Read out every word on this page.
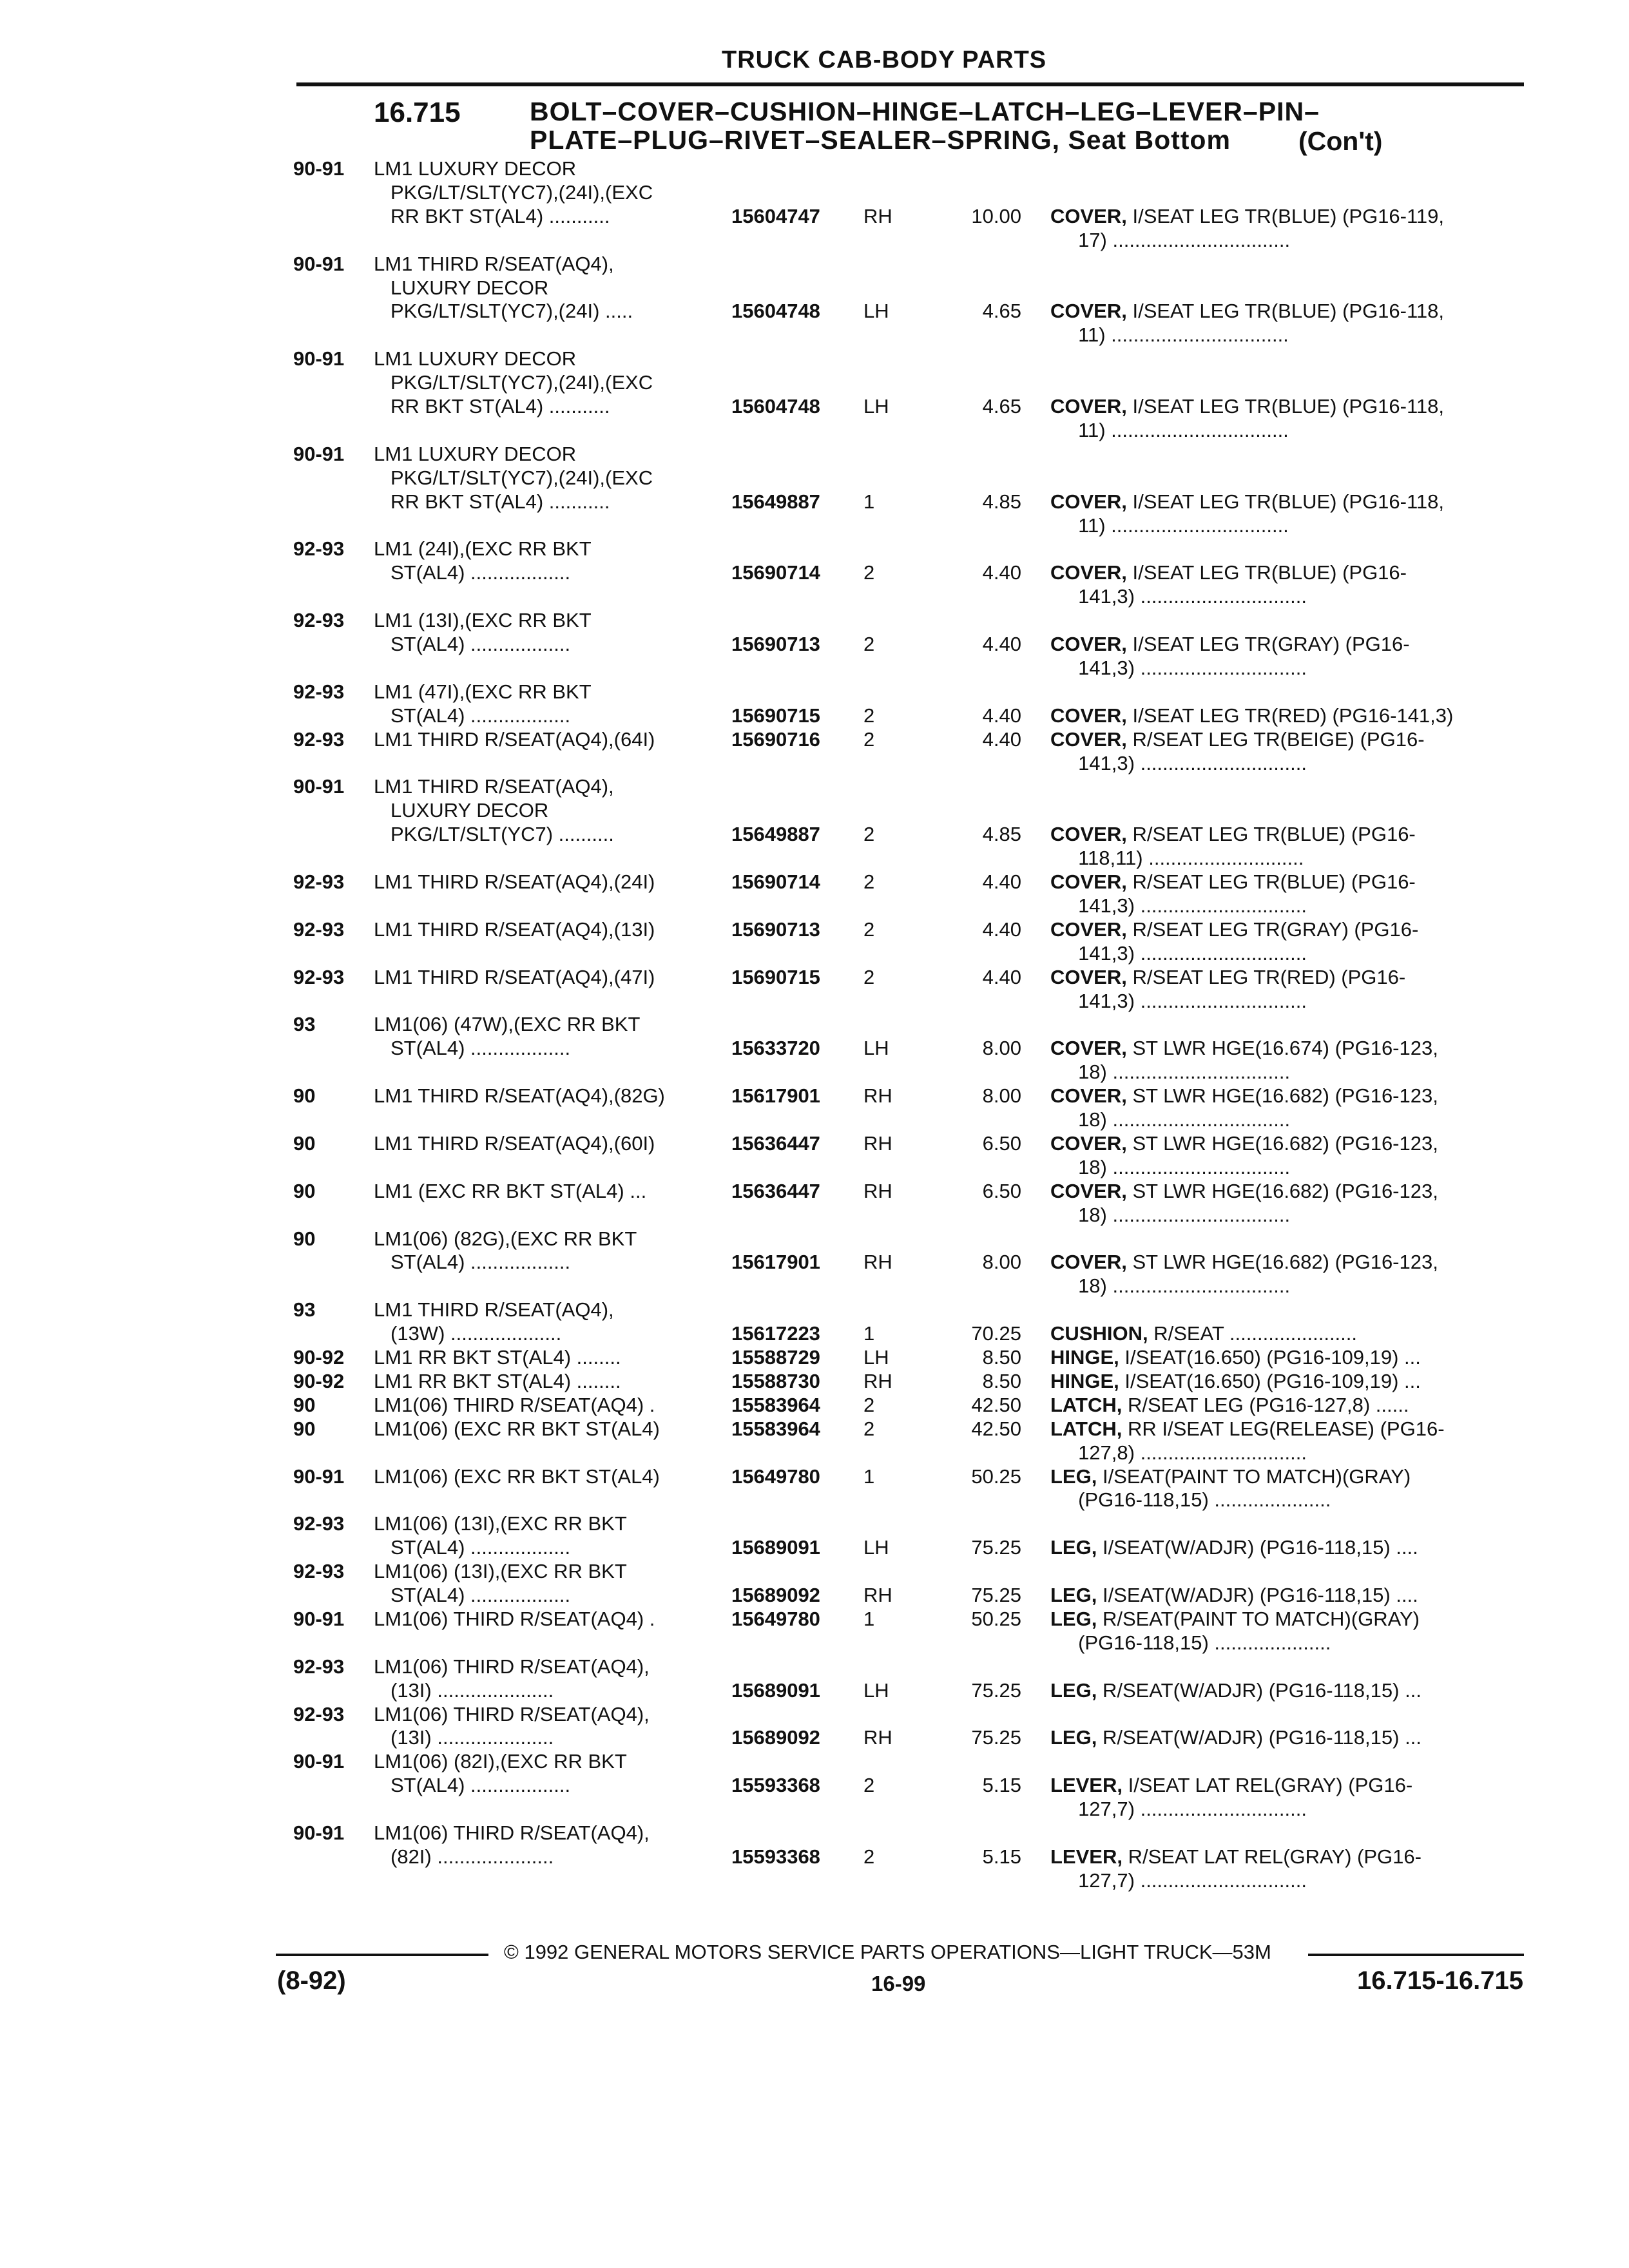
TRUCK CAB-BODY PARTS
16.715	BOLT–COVER–CUSHION–HINGE–LATCH–LEG–LEVER–PIN–
PLATE–PLUG–RIVET–SEALER–SPRING, Seat Bottom	(Con't)
90-91 LM1 LUXURY DECOR
PKG/LT/SLT(YC7),(24I),(EXC
RR BKT ST(AL4) ...........	15604747 RH	10.00 COVER, I/SEAT LEG TR(BLUE) (PG16-119,
17) ................................
90-91 LM1 THIRD R/SEAT(AQ4),
LUXURY DECOR
PKG/LT/SLT(YC7),(24I) .....	15604748 LH	4.65 COVER, I/SEAT LEG TR(BLUE) (PG16-118,
11) ................................
90-91 LM1 LUXURY DECOR
PKG/LT/SLT(YC7),(24I),(EXC
RR BKT ST(AL4) ...........	15604748 LH	4.65 COVER, I/SEAT LEG TR(BLUE) (PG16-118,
11) ................................
90-91 LM1 LUXURY DECOR
PKG/LT/SLT(YC7),(24I),(EXC
RR BKT ST(AL4) ...........	15649887 1	4.85 COVER, I/SEAT LEG TR(BLUE) (PG16-118,
11) ................................
92-93 LM1 (24I),(EXC RR BKT
ST(AL4) ..................	15690714 2	4.40 COVER, I/SEAT LEG TR(BLUE) (PG16-
141,3) ..............................
92-93 LM1 (13I),(EXC RR BKT
ST(AL4) ..................	15690713 2	4.40 COVER, I/SEAT LEG TR(GRAY) (PG16-
141,3) ..............................
92-93 LM1 (47I),(EXC RR BKT
ST(AL4) ..................	15690715 2	4.40 COVER, I/SEAT LEG TR(RED) (PG16-141,3)
92-93 LM1 THIRD R/SEAT(AQ4),(64I)	15690716 2	4.40 COVER, R/SEAT LEG TR(BEIGE) (PG16-
141,3) ..............................
90-91 LM1 THIRD R/SEAT(AQ4),
LUXURY DECOR
PKG/LT/SLT(YC7) ..........	15649887 2	4.85 COVER, R/SEAT LEG TR(BLUE) (PG16-
118,11) ............................
92-93 LM1 THIRD R/SEAT(AQ4),(24I)	15690714 2	4.40 COVER, R/SEAT LEG TR(BLUE) (PG16-
141,3) ..............................
92-93 LM1 THIRD R/SEAT(AQ4),(13I)	15690713 2	4.40 COVER, R/SEAT LEG TR(GRAY) (PG16-
141,3) ..............................
92-93 LM1 THIRD R/SEAT(AQ4),(47I)	15690715 2	4.40 COVER, R/SEAT LEG TR(RED) (PG16-
141,3) ..............................
93	LM1(06) (47W),(EXC RR BKT
ST(AL4) ..................	15633720 LH	8.00 COVER, ST LWR HGE(16.674) (PG16-123,
18) ................................
90	LM1 THIRD R/SEAT(AQ4),(82G)	15617901 RH	8.00 COVER, ST LWR HGE(16.682) (PG16-123,
18) ................................
90	LM1 THIRD R/SEAT(AQ4),(60I)	15636447 RH	6.50 COVER, ST LWR HGE(16.682) (PG16-123,
18) ................................
90	LM1 (EXC RR BKT ST(AL4) ...	15636447 RH	6.50 COVER, ST LWR HGE(16.682) (PG16-123,
18) ................................
90	LM1(06) (82G),(EXC RR BKT
ST(AL4) ..................	15617901 RH	8.00 COVER, ST LWR HGE(16.682) (PG16-123,
18) ................................
93	LM1 THIRD R/SEAT(AQ4),
(13W) ....................	15617223 1	70.25 CUSHION, R/SEAT .......................
90-92 LM1 RR BKT ST(AL4) ........	15588729 LH	8.50 HINGE, I/SEAT(16.650) (PG16-109,19) ...
90-92 LM1 RR BKT ST(AL4) ........	15588730 RH	8.50 HINGE, I/SEAT(16.650) (PG16-109,19) ...
90	LM1(06) THIRD R/SEAT(AQ4) .	15583964 2	42.50 LATCH, R/SEAT LEG (PG16-127,8) ......
90	LM1(06) (EXC RR BKT ST(AL4)	15583964 2	42.50 LATCH, RR I/SEAT LEG(RELEASE) (PG16-
127,8) ..............................
90-91 LM1(06) (EXC RR BKT ST(AL4)	15649780 1	50.25 LEG, I/SEAT(PAINT TO MATCH)(GRAY)
(PG16-118,15) .....................
92-93 LM1(06) (13I),(EXC RR BKT
ST(AL4) ..................	15689091 LH	75.25 LEG, I/SEAT(W/ADJR) (PG16-118,15) ....
92-93 LM1(06) (13I),(EXC RR BKT
ST(AL4) ..................	15689092 RH	75.25 LEG, I/SEAT(W/ADJR) (PG16-118,15) ....
90-91 LM1(06) THIRD R/SEAT(AQ4) .	15649780 1	50.25 LEG, R/SEAT(PAINT TO MATCH)(GRAY)
(PG16-118,15) .....................
92-93 LM1(06) THIRD R/SEAT(AQ4),
(13I) .....................	15689091 LH	75.25 LEG, R/SEAT(W/ADJR) (PG16-118,15) ...
92-93 LM1(06) THIRD R/SEAT(AQ4),
(13I) .....................	15689092 RH	75.25 LEG, R/SEAT(W/ADJR) (PG16-118,15) ...
90-91 LM1(06) (82I),(EXC RR BKT
ST(AL4) ..................	15593368 2	5.15 LEVER, I/SEAT LAT REL(GRAY) (PG16-
127,7) ..............................
90-91 LM1(06) THIRD R/SEAT(AQ4),
(82I) .....................	15593368 2	5.15 LEVER, R/SEAT LAT REL(GRAY) (PG16-
127,7) ..............................
© 1992 GENERAL MOTORS SERVICE PARTS OPERATIONS—LIGHT TRUCK—53M
(8-92)	16-99	16.715-16.715
